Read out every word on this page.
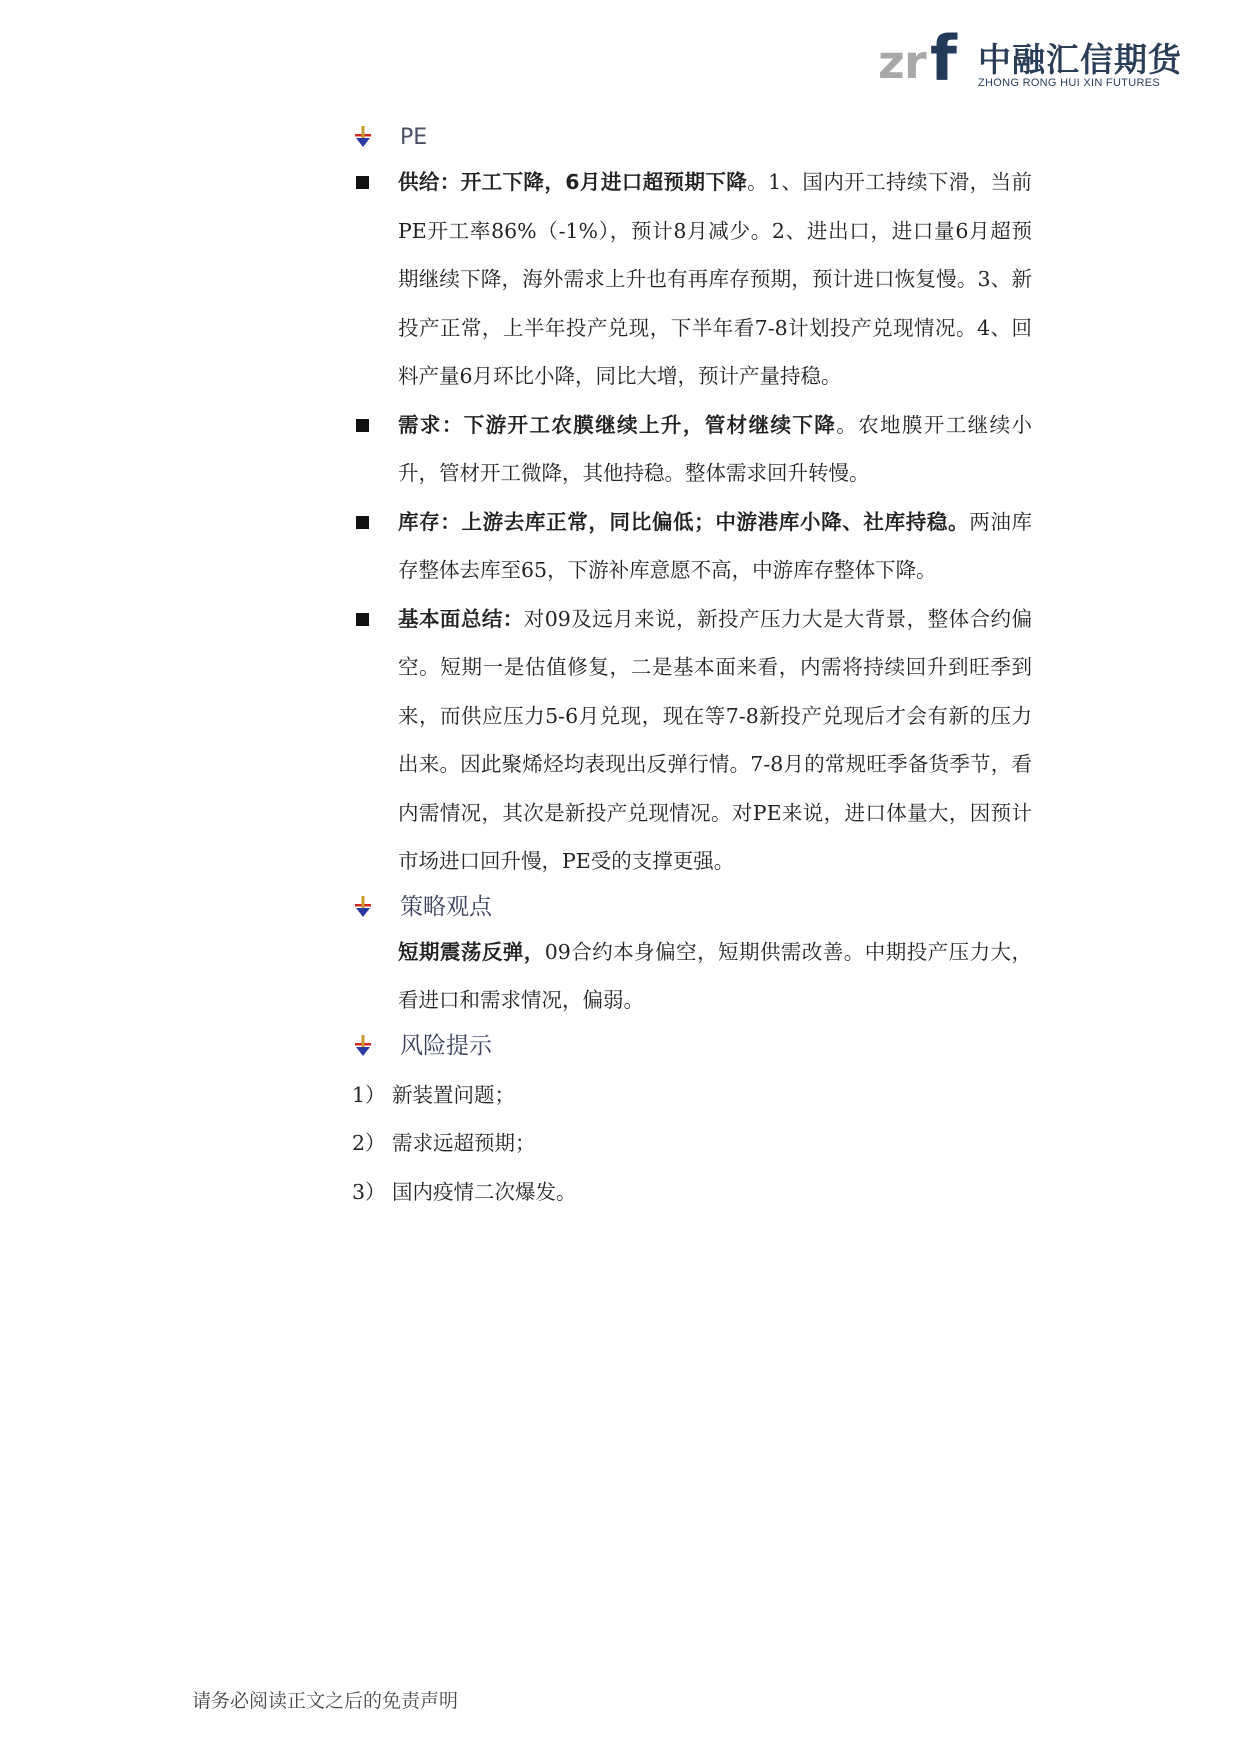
z r f 中融汇信期货
ZHONG RONG HUI XIN FUTURES
PE
供给：开工下降，6月进口超预期下降。1、国内开工持续下滑，当前PE开工率86%（-1%），预计8月减少。2、进出口，进口量6月超预期继续下降，海外需求上升也有再库存预期，预计进口恢复慢。3、新投产正常，上半年投产兑现，下半年看7-8计划投产兑现情况。4、回料产量6月环比小降，同比大增，预计产量持稳。
需求：下游开工农膜继续上升，管材继续下降。农地膜开工继续小升，管材开工微降，其他持稳。整体需求回升转慢。
库存：上游去库正常，同比偏低；中游港库小降、社库持稳。两油库存整体去库至65，下游补库意愿不高，中游库存整体下降。
基本面总结：对09及远月来说，新投产压力大是大背景，整体合约偏空。短期一是估值修复，二是基本面来看，内需将持续回升到旺季到来，而供应压力5-6月兑现，现在等7-8新投产兑现后才会有新的压力出来。因此聚烯烃均表现出反弹行情。7-8月的常规旺季备货季节，看内需情况，其次是新投产兑现情况。对PE来说，进口体量大，因预计市场进口回升慢，PE受的支撑更强。
策略观点
短期震荡反弹，09合约本身偏空，短期供需改善。中期投产压力大，看进口和需求情况，偏弱。
风险提示
1） 新装置问题；
2） 需求远超预期；
3） 国内疫情二次爆发。
请务必阅读正文之后的免责声明
